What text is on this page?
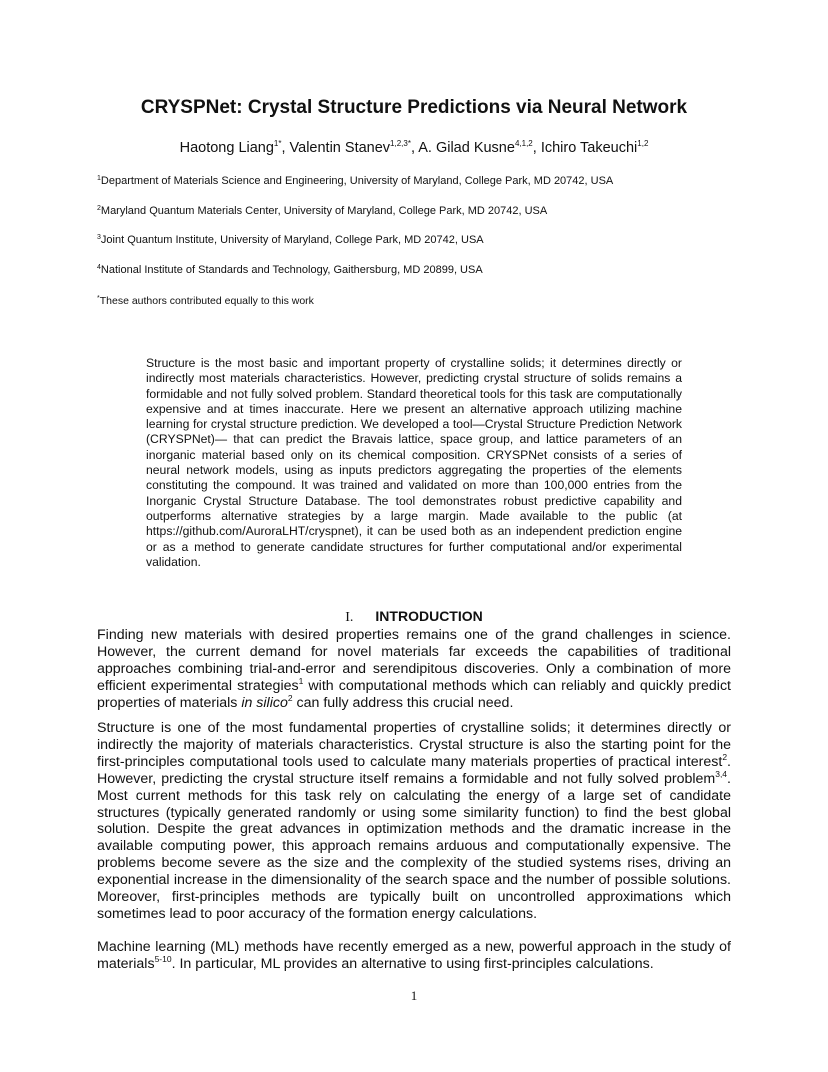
CRYSPNet: Crystal Structure Predictions via Neural Network
Haotong Liang$^{1*}$, Valentin Stanev$^{1,2,3*}$, A. Gilad Kusne$^{4,1,2}$, Ichiro Takeuchi$^{1,2}$
$^1$Department of Materials Science and Engineering, University of Maryland, College Park, MD 20742, USA
$^2$Maryland Quantum Materials Center, University of Maryland, College Park, MD 20742, USA
$^3$Joint Quantum Institute, University of Maryland, College Park, MD 20742, USA
$^4$National Institute of Standards and Technology, Gaithersburg, MD 20899, USA
*These authors contributed equally to this work

Structure is the most basic and important property of crystalline solids; it determines directly or indirectly most materials characteristics. However, predicting crystal structure of solids remains a formidable and not fully solved problem. Standard theoretical tools for this task are computationally expensive and at times inaccurate. Here we present an alternative approach utilizing machine learning for crystal structure prediction. We developed a tool—Crystal Structure Prediction Network (CRYSPNet)— that can predict the Bravais lattice, space group, and lattice parameters of an inorganic material based only on its chemical composition. CRYSPNet consists of a series of neural network models, using as inputs predictors aggregating the properties of the elements constituting the compound. It was trained and validated on more than 100,000 entries from the Inorganic Crystal Structure Database. The tool demonstrates robust predictive capability and outperforms alternative strategies by a large margin. Made available to the public (at https://github.com/AuroraLHT/cryspnet), it can be used both as an independent prediction engine or as a method to generate candidate structures for further computational and/or experimental validation.

I. INTRODUCTION

Finding new materials with desired properties remains one of the grand challenges in science. However, the current demand for novel materials far exceeds the capabilities of traditional approaches combining trial-and-error and serendipitous discoveries. Only a combination of more efficient experimental strategies$^1$ with computational methods which can reliably and quickly predict properties of materials in silico$^2$ can fully address this crucial need.

Structure is one of the most fundamental properties of crystalline solids; it determines directly or indirectly the majority of materials characteristics. Crystal structure is also the starting point for the first-principles computational tools used to calculate many materials properties of practical interest$^2$. However, predicting the crystal structure itself remains a formidable and not fully solved problem$^{3,4}$. Most current methods for this task rely on calculating the energy of a large set of candidate structures (typically generated randomly or using some similarity function) to find the best global solution. Despite the great advances in optimization methods and the dramatic increase in the available computing power, this approach remains arduous and computationally expensive. The problems become severe as the size and the complexity of the studied systems rises, driving an exponential increase in the dimensionality of the search space and the number of possible solutions. Moreover, first-principles methods are typically built on uncontrolled approximations which sometimes lead to poor accuracy of the formation energy calculations.

Machine learning (ML) methods have recently emerged as a new, powerful approach in the study of materials$^{5-10}$. In particular, ML provides an alternative to using first-principles calculations.

1
